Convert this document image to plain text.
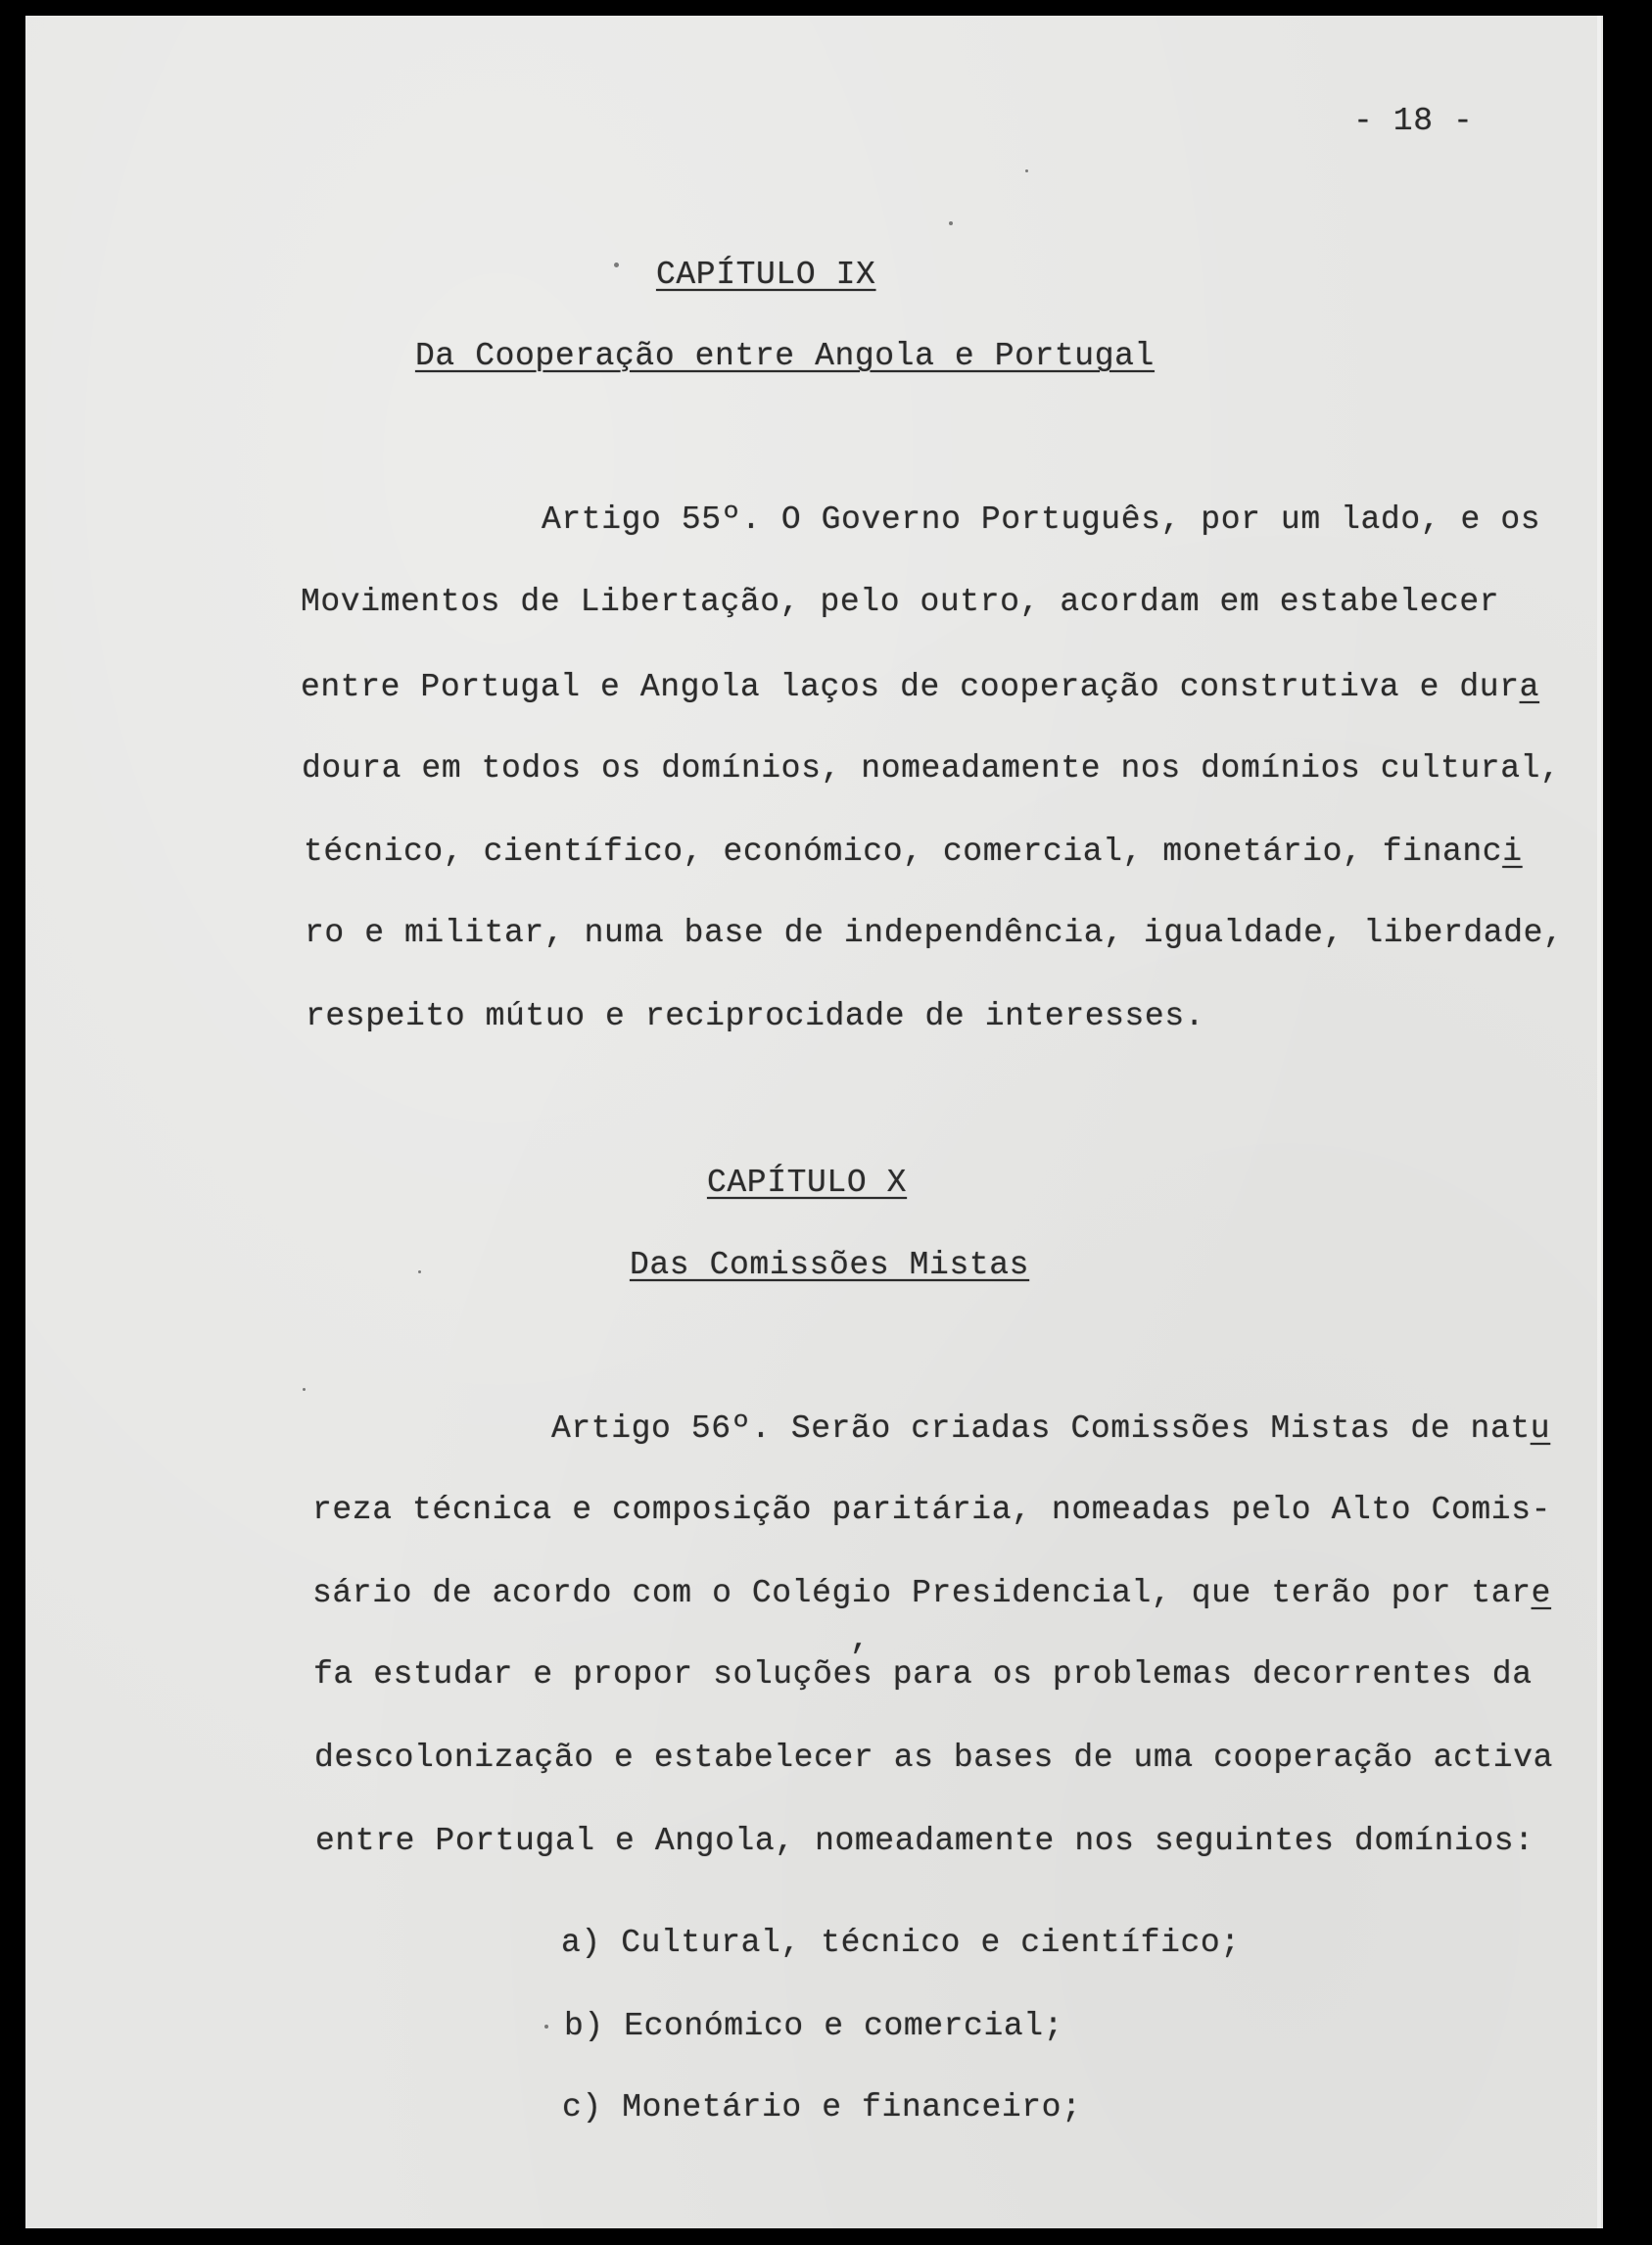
- 18 -
CAPÍTULO IX
Da Cooperação entre Angola e Portugal
Artigo 55º. O Governo Português, por um lado, e os
Movimentos de Libertação, pelo outro, acordam em estabelecer
entre Portugal e Angola laços de cooperação construtiva e dura
doura em todos os domínios, nomeadamente nos domínios cultural,
técnico, científico, económico, comercial, monetário, financi
ro e militar, numa base de independência, igualdade, liberdade,
respeito mútuo e reciprocidade de interesses.
CAPÍTULO X
Das Comissões Mistas
Artigo 56º. Serão criadas Comissões Mistas de natu
reza técnica e composição paritária, nomeadas pelo Alto Comis-
sário de acordo com o Colégio Presidencial, que terão por tare
,
fa estudar e propor soluções para os problemas decorrentes da
descolonização e estabelecer as bases de uma cooperação activa
entre Portugal e Angola, nomeadamente nos seguintes domínios:
a) Cultural, técnico e científico;
b) Económico e comercial;
c) Monetário e financeiro;
